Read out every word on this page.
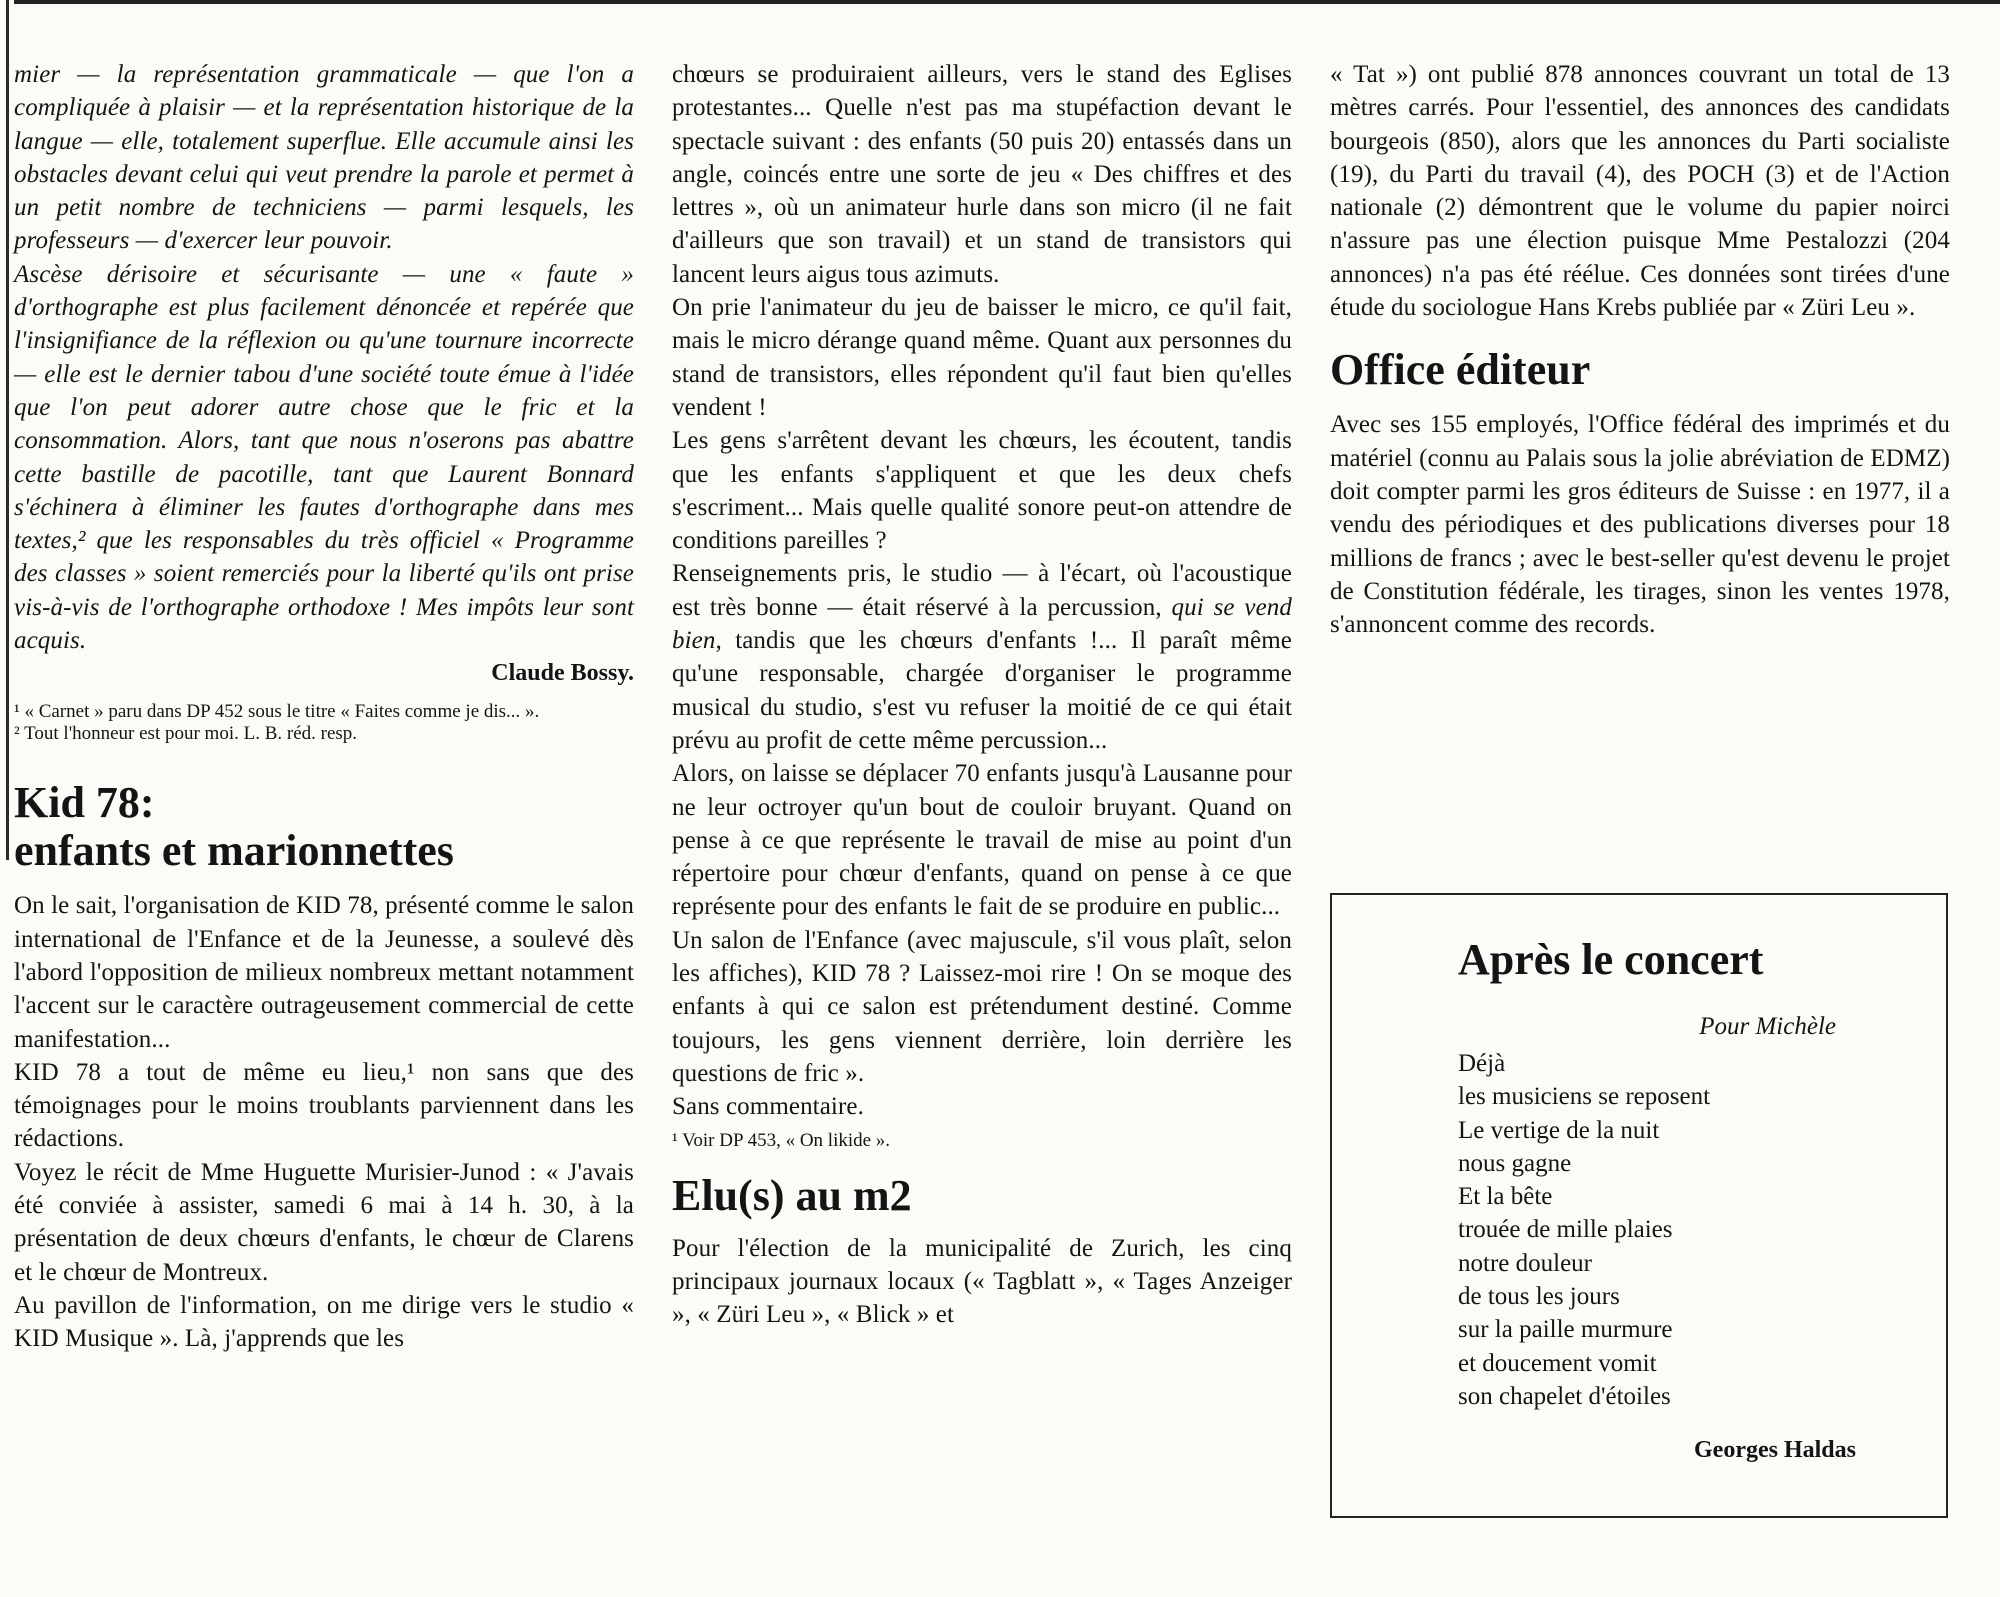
mier — la représentation grammaticale — que l'on a compliquée à plaisir — et la représentation historique de la langue — elle, totalement superflue. Elle accumule ainsi les obstacles devant celui qui veut prendre la parole et permet à un petit nombre de techniciens — parmi lesquels, les professeurs — d'exercer leur pouvoir.

Ascèse dérisoire et sécurisante — une « faute » d'orthographe est plus facilement dénoncée et repérée que l'insignifiance de la réflexion ou qu'une tournure incorrecte — elle est le dernier tabou d'une société toute émue à l'idée que l'on peut adorer autre chose que le fric et la consommation. Alors, tant que nous n'oserons pas abattre cette bastille de pacotille, tant que Laurent Bonnard s'échinera à éliminer les fautes d'orthographe dans mes textes,² que les responsables du très officiel « Programme des classes » soient remerciés pour la liberté qu'ils ont prise vis-à-vis de l'orthographe orthodoxe ! Mes impôts leur sont acquis.

Claude Bossy.

¹ « Carnet » paru dans DP 452 sous le titre « Faites comme je dis... ».

² Tout l'honneur est pour moi. L. B. réd. resp.

Kid 78:
enfants et marionnettes

On le sait, l'organisation de KID 78, présenté comme le salon international de l'Enfance et de la Jeunesse, a soulevé dès l'abord l'opposition de milieux nombreux mettant notamment l'accent sur le caractère outrageusement commercial de cette manifestation...

KID 78 a tout de même eu lieu,¹ non sans que des témoignages pour le moins troublants parviennent dans les rédactions.

Voyez le récit de Mme Huguette Murisier-Junod : « J'avais été conviée à assister, samedi 6 mai à 14 h. 30, à la présentation de deux chœurs d'enfants, le chœur de Clarens et le chœur de Montreux.

Au pavillon de l'information, on me dirige vers le studio « KID Musique ». Là, j'apprends que les

chœurs se produiraient ailleurs, vers le stand des Eglises protestantes... Quelle n'est pas ma stupéfaction devant le spectacle suivant : des enfants (50 puis 20) entassés dans un angle, coincés entre une sorte de jeu « Des chiffres et des lettres », où un animateur hurle dans son micro (il ne fait d'ailleurs que son travail) et un stand de transistors qui lancent leurs aigus tous azimuts.

On prie l'animateur du jeu de baisser le micro, ce qu'il fait, mais le micro dérange quand même. Quant aux personnes du stand de transistors, elles répondent qu'il faut bien qu'elles vendent !

Les gens s'arrêtent devant les chœurs, les écoutent, tandis que les enfants s'appliquent et que les deux chefs s'escriment... Mais quelle qualité sonore peut-on attendre de conditions pareilles ?

Renseignements pris, le studio — à l'écart, où l'acoustique est très bonne — était réservé à la percussion, qui se vend bien, tandis que les chœurs d'enfants !... Il paraît même qu'une responsable, chargée d'organiser le programme musical du studio, s'est vu refuser la moitié de ce qui était prévu au profit de cette même percussion...

Alors, on laisse se déplacer 70 enfants jusqu'à Lausanne pour ne leur octroyer qu'un bout de couloir bruyant. Quand on pense à ce que représente le travail de mise au point d'un répertoire pour chœur d'enfants, quand on pense à ce que représente pour des enfants le fait de se produire en public...

Un salon de l'Enfance (avec majuscule, s'il vous plaît, selon les affiches), KID 78 ? Laissez-moi rire ! On se moque des enfants à qui ce salon est prétendument destiné. Comme toujours, les gens viennent derrière, loin derrière les questions de fric ».

Sans commentaire.

¹ Voir DP 453, « On likide ».

Elu(s) au m2

Pour l'élection de la municipalité de Zurich, les cinq principaux journaux locaux (« Tagblatt », « Tages Anzeiger », « Züri Leu », « Blick » et

« Tat ») ont publié 878 annonces couvrant un total de 13 mètres carrés. Pour l'essentiel, des annonces des candidats bourgeois (850), alors que les annonces du Parti socialiste (19), du Parti du travail (4), des POCH (3) et de l'Action nationale (2) démontrent que le volume du papier noirci n'assure pas une élection puisque Mme Pestalozzi (204 annonces) n'a pas été réélue. Ces données sont tirées d'une étude du sociologue Hans Krebs publiée par « Züri Leu ».

Office éditeur

Avec ses 155 employés, l'Office fédéral des imprimés et du matériel (connu au Palais sous la jolie abréviation de EDMZ) doit compter parmi les gros éditeurs de Suisse : en 1977, il a vendu des périodiques et des publications diverses pour 18 millions de francs ; avec le best-seller qu'est devenu le projet de Constitution fédérale, les tirages, sinon les ventes 1978, s'annoncent comme des records.

Après le concert

Pour Michèle

Déjà
les musiciens se reposent
Le vertige de la nuit
nous gagne
Et la bête
trouée de mille plaies
notre douleur
de tous les jours
sur la paille murmure
et doucement vomit
son chapelet d'étoiles

Georges Haldas
